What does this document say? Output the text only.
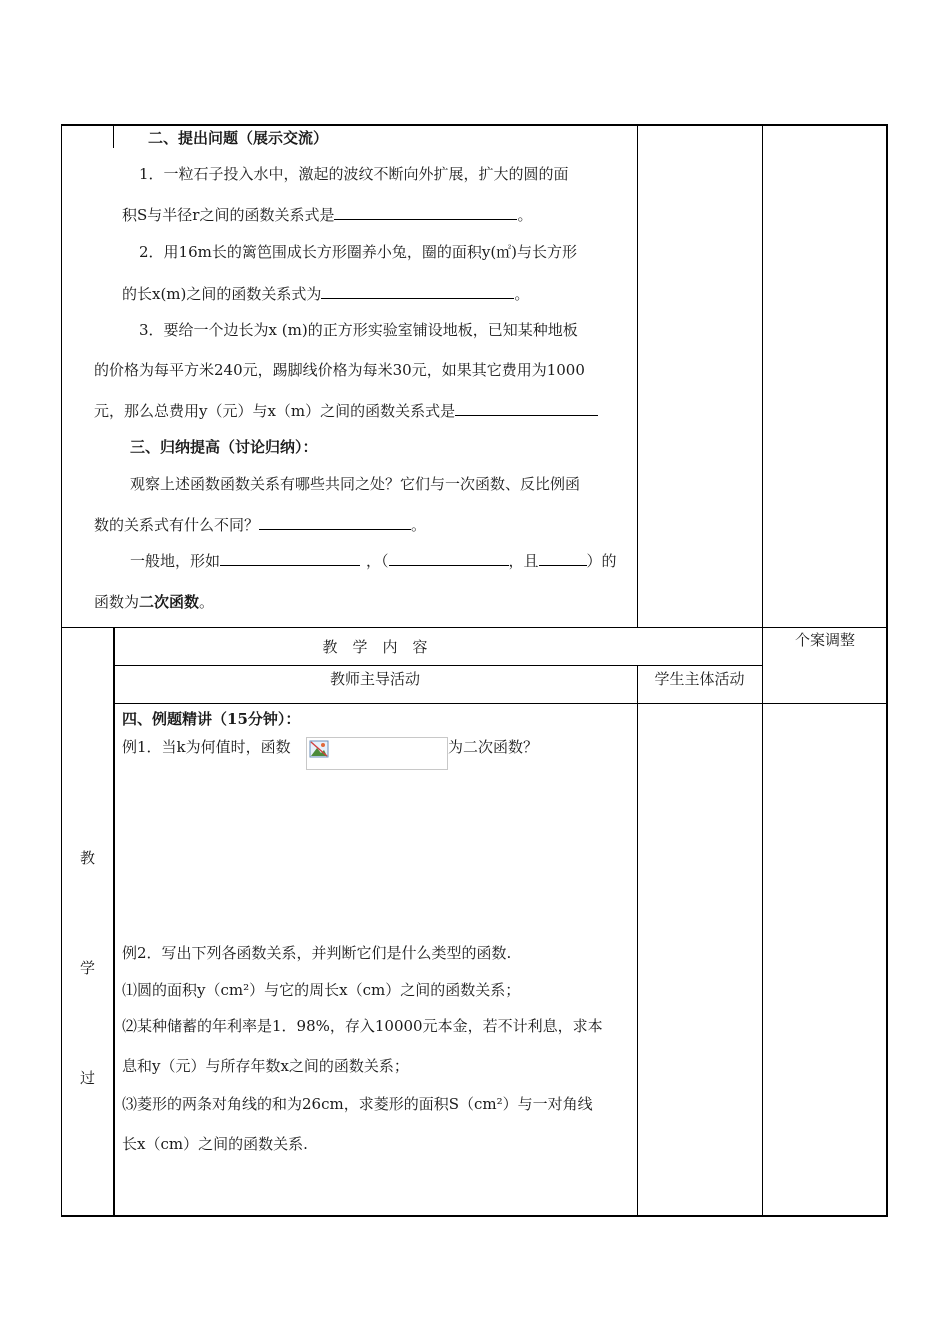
二、提出问题（展示交流）
1．一粒石子投入水中，激起的波纹不断向外扩展，扩大的圆的面
积S与半径r之间的函数关系式是	。
2．用16m长的篱笆围成长方形圈养小兔，圈的面积y(㎡)与长方形
的长x(m)之间的函数关系式为	。
3．要给一个边长为x (m)的正方形实验室铺设地板，已知某种地板
的价格为每平方米240元，踢脚线价格为每米30元，如果其它费用为1000
元，那么总费用y（元）与x（m）之间的函数关系式是
三、归纳提高（讨论归纳）：
观察上述函数函数关系有哪些共同之处？它们与一次函数、反比例函
数的关系式有什么不同？	。
一般地，形如	，（	，且	）的
函数为二次函数。
教　学　内　容	个案调整
教师主导活动	学生主体活动
教
学
过
四、例题精讲（15分钟）：
例1．当k为何值时，函数	为二次函数？
例2．写出下列各函数关系，并判断它们是什么类型的函数.
⑴圆的面积y（cm²）与它的周长x（cm）之间的函数关系；
⑵某种储蓄的年利率是1．98%，存入10000元本金，若不计利息，求本
息和y（元）与所存年数x之间的函数关系；
⑶菱形的两条对角线的和为26cm，求菱形的面积S（cm²）与一对角线
长x（cm）之间的函数关系.
